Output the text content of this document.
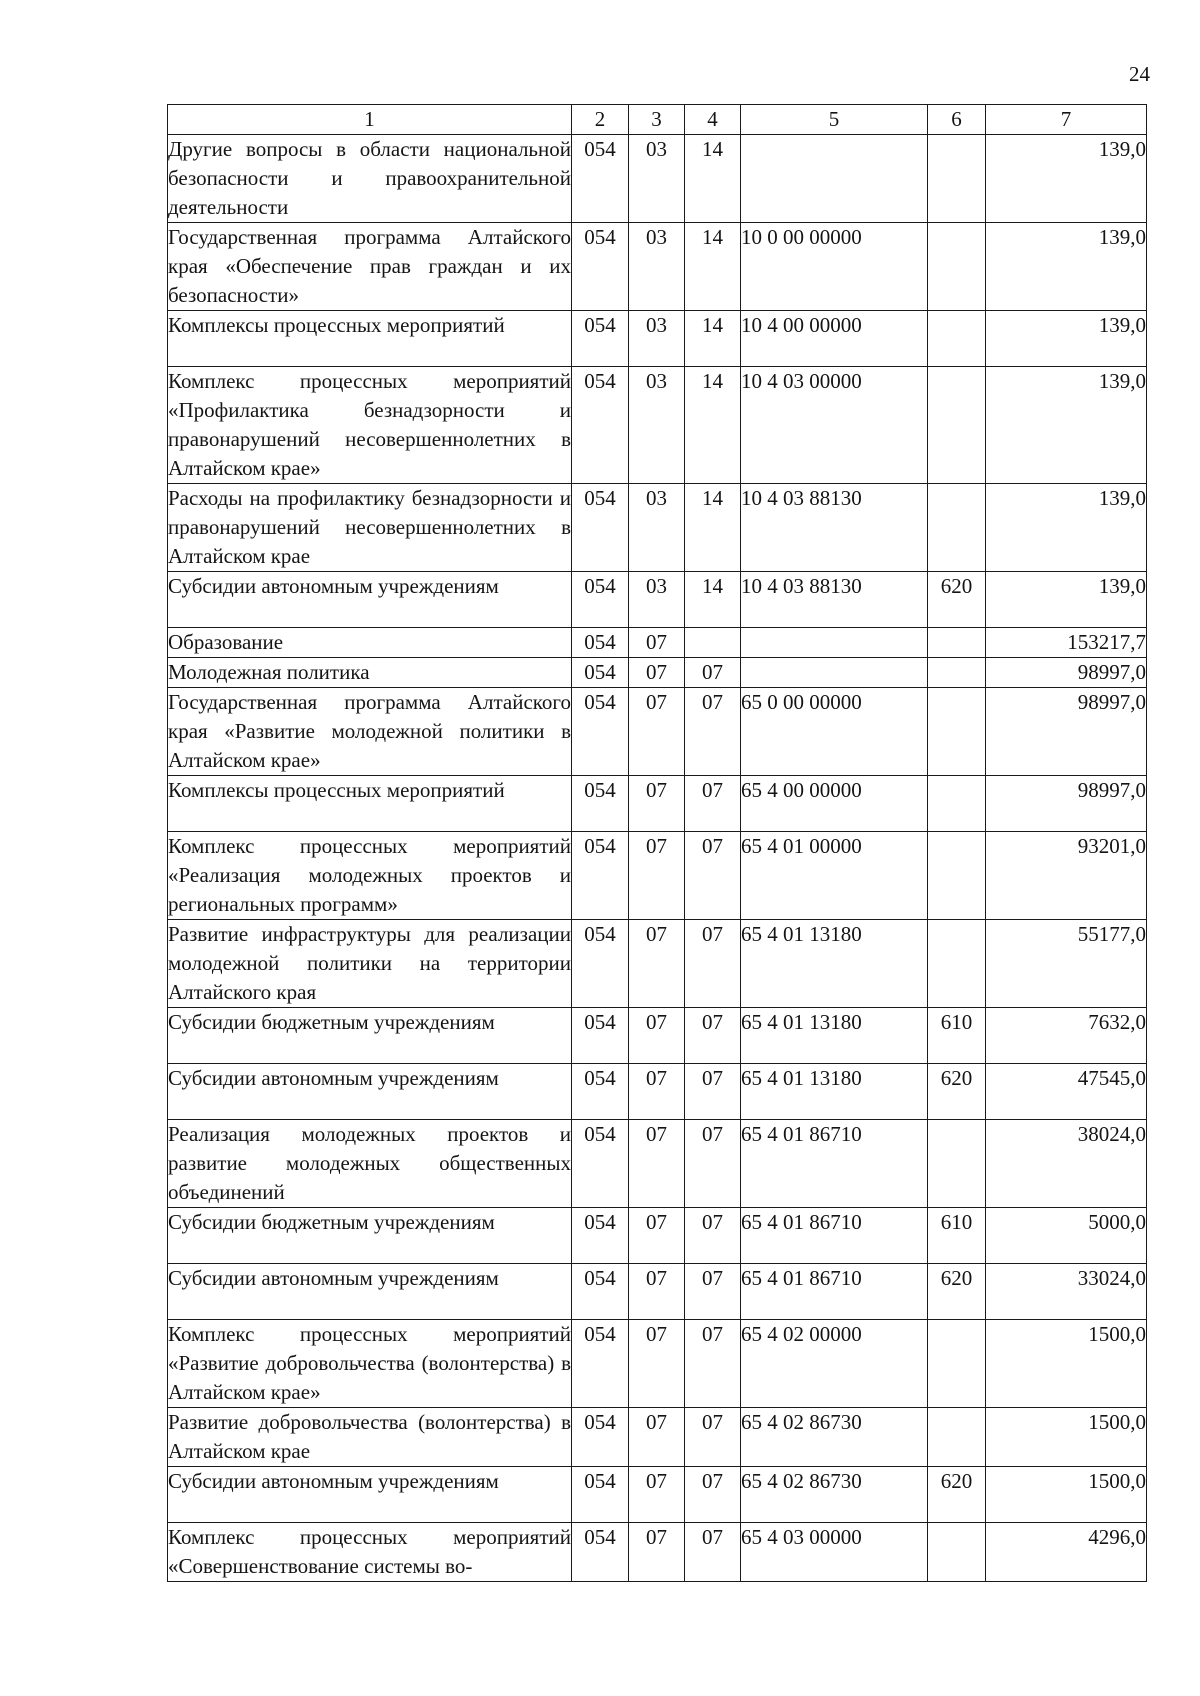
24
1	2	3	4	5	6	7
Другие вопросы в области национальной безопасности и правоохранительной деятельности	054	03	14			139,0
Государственная программа Алтайского края «Обеспечение прав граждан и их безопасности»	054	03	14	10 0 00 00000		139,0
Комплексы процессных мероприятий	054	03	14	10 4 00 00000		139,0
Комплекс процессных мероприятий «Профилактика безнадзорности и правонарушений несовершеннолетних в Алтайском крае»	054	03	14	10 4 03 00000		139,0
Расходы на профилактику безнадзорности и правонарушений несовершеннолетних в Алтайском крае	054	03	14	10 4 03 88130		139,0
Субсидии автономным учреждениям	054	03	14	10 4 03 88130	620	139,0
Образование	054	07				153217,7
Молодежная политика	054	07	07			98997,0
Государственная программа Алтайского края «Развитие молодежной политики в Алтайском крае»	054	07	07	65 0 00 00000		98997,0
Комплексы процессных мероприятий	054	07	07	65 4 00 00000		98997,0
Комплекс процессных мероприятий «Реализация молодежных проектов и региональных программ»	054	07	07	65 4 01 00000		93201,0
Развитие инфраструктуры для реализации молодежной политики на территории Алтайского края	054	07	07	65 4 01 13180		55177,0
Субсидии бюджетным учреждениям	054	07	07	65 4 01 13180	610	7632,0
Субсидии автономным учреждениям	054	07	07	65 4 01 13180	620	47545,0
Реализация молодежных проектов и развитие молодежных общественных объединений	054	07	07	65 4 01 86710		38024,0
Субсидии бюджетным учреждениям	054	07	07	65 4 01 86710	610	5000,0
Субсидии автономным учреждениям	054	07	07	65 4 01 86710	620	33024,0
Комплекс процессных мероприятий «Развитие добровольчества (волонтерства) в Алтайском крае»	054	07	07	65 4 02 00000		1500,0
Развитие добровольчества (волонтерства) в Алтайском крае	054	07	07	65 4 02 86730		1500,0
Субсидии автономным учреждениям	054	07	07	65 4 02 86730	620	1500,0
Комплекс процессных мероприятий «Совершенствование системы во-	054	07	07	65 4 03 00000		4296,0
